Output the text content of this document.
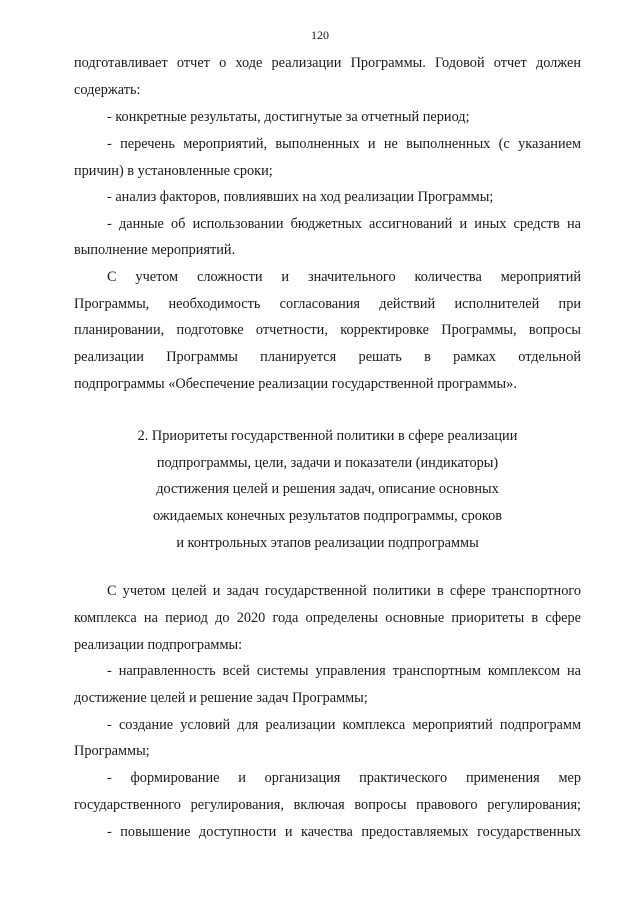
120
подготавливает отчет о ходе реализации Программы. Годовой отчет должен
содержать:
- конкретные результаты, достигнутые за отчетный период;
- перечень мероприятий, выполненных и не выполненных (с указанием
причин) в установленные сроки;
- анализ факторов, повлиявших на ход реализации Программы;
- данные об использовании бюджетных ассигнований и иных средств на
выполнение мероприятий.
С учетом сложности и значительного количества мероприятий
Программы, необходимость согласования действий исполнителей при
планировании, подготовке отчетности, корректировке Программы, вопросы
реализации Программы планируется решать в рамках отдельной
подпрограммы «Обеспечение реализации государственной программы».
2. Приоритеты государственной политики в сфере реализации
подпрограммы, цели, задачи и показатели (индикаторы)
достижения целей и решения задач, описание основных
ожидаемых конечных результатов подпрограммы, сроков
и контрольных этапов реализации подпрограммы
С учетом целей и задач государственной политики в сфере транспортного
комплекса на период до 2020 года определены основные приоритеты в сфере
реализации подпрограммы:
- направленность всей системы управления транспортным комплексом на
достижение целей и решение задач Программы;
- создание условий для реализации комплекса мероприятий подпрограмм
Программы;
- формирование и организация практического применения мер
государственного регулирования, включая вопросы правового регулирования;
- повышение доступности и качества предоставляемых государственных
